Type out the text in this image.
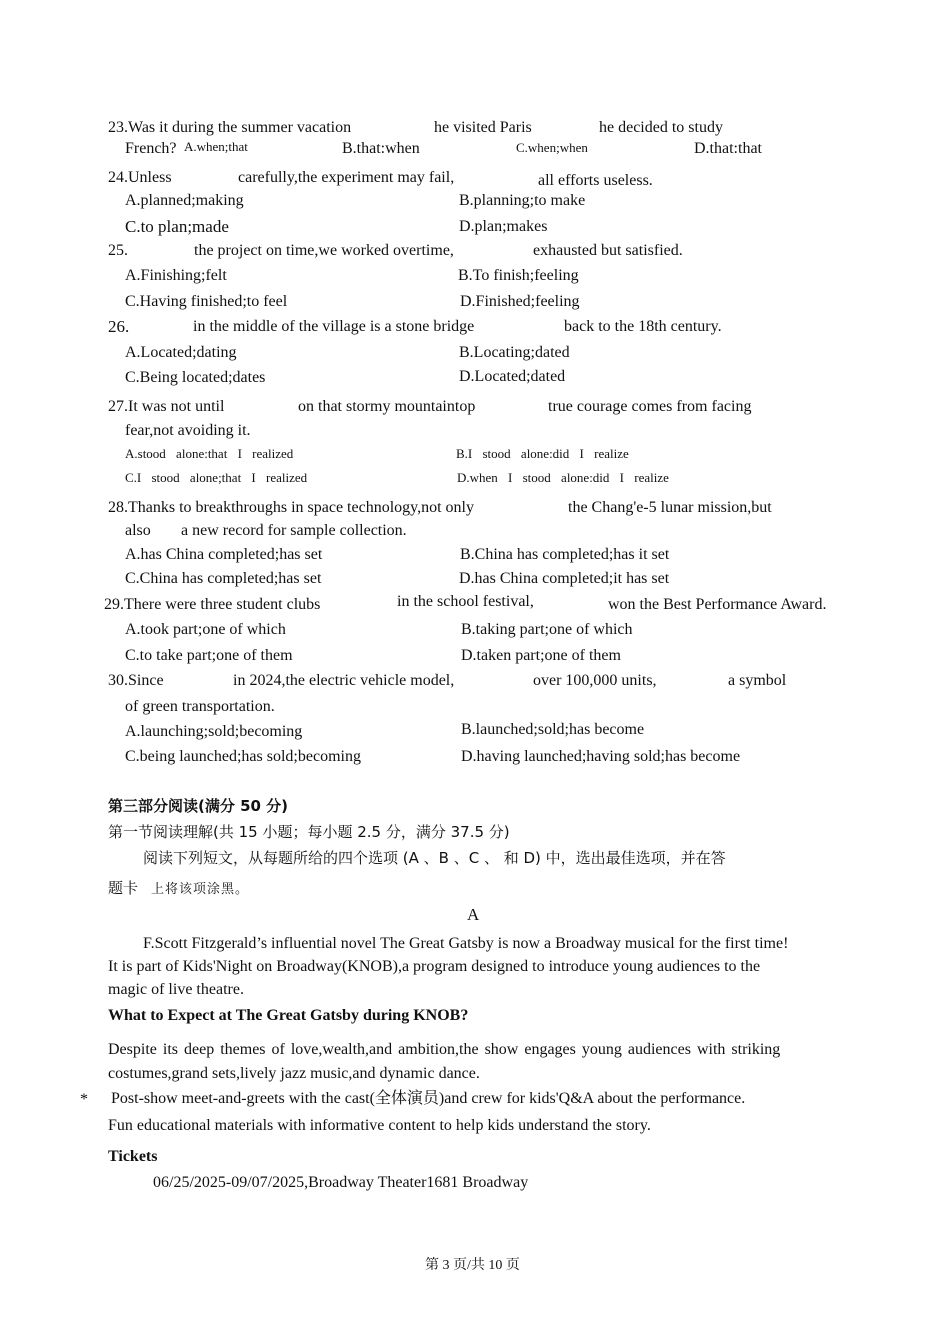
23.Was it during the summer vacation	he visited Paris	he decided to study
French? A.when;that	B.that:when	C.when;when	D.that:that
24.Unless	carefully,the experiment may fail,	all efforts useless.
A.planned;making	B.planning;to make
C.to plan;made	D.plan;makes
25.	the project on time,we worked overtime,	exhausted but satisfied.
A.Finishing;felt	B.To finish;feeling
C.Having finished;to feel	D.Finished;feeling
26.	in the middle of the village is a stone bridge	back to the 18th century.
A.Located;dating	B.Locating;dated
C.Being located;dates	D.Located;dated
27.It was not until	on that stormy mountaintop	true courage comes from facing
fear,not avoiding it.
A.stood alone:that I realized	B.I stood alone:did I realize
C.I stood alone;that I realized	D.when I stood alone:did I realize
28.Thanks to breakthroughs in space technology,not only	the Chang'e-5 lunar mission,but
also a new record for sample collection.
A.has China completed;has set	B.China has completed;has it set
C.China has completed;has set	D.has China completed;it has set
29.There were three student clubs	in the school festival,	won the Best Performance Award.
A.took part;one of which	B.taking part;one of which
C.to take part;one of them	D.taken part;one of them
30.Since	in 2024,the electric vehicle model,	over 100,000 units,	a symbol
of green transportation.
A.launching;sold;becoming	B.launched;sold;has become
C.being launched;has sold;becoming	D.having launched;having sold;has become
第三部分阅读(满分 50 分)
第一节阅读理解(共 15 小题；每小题 2.5 分，满分 37.5 分)
阅读下列短文，从每题所给的四个选项 (A 、B 、C 、 和 D) 中，选出最佳选项，并在答
题卡 上将该项涂黑。
A
F.Scott Fitzgerald’s influential novel The Great Gatsby is now a Broadway musical for the first time!
It is part of Kids'Night on Broadway(KNOB),a program designed to introduce young audiences to the
magic of live theatre.
What to Expect at The Great Gatsby during KNOB?
Despite its deep themes of love,wealth,and ambition,the show engages young audiences with striking
costumes,grand sets,lively jazz music,and dynamic dance.
* Post-show meet-and-greets with the cast(全体演员)and crew for kids'Q&A about the performance.
Fun educational materials with informative content to help kids understand the story.
Tickets
06/25/2025-09/07/2025,Broadway Theater1681 Broadway
第 3 页/共 10 页
